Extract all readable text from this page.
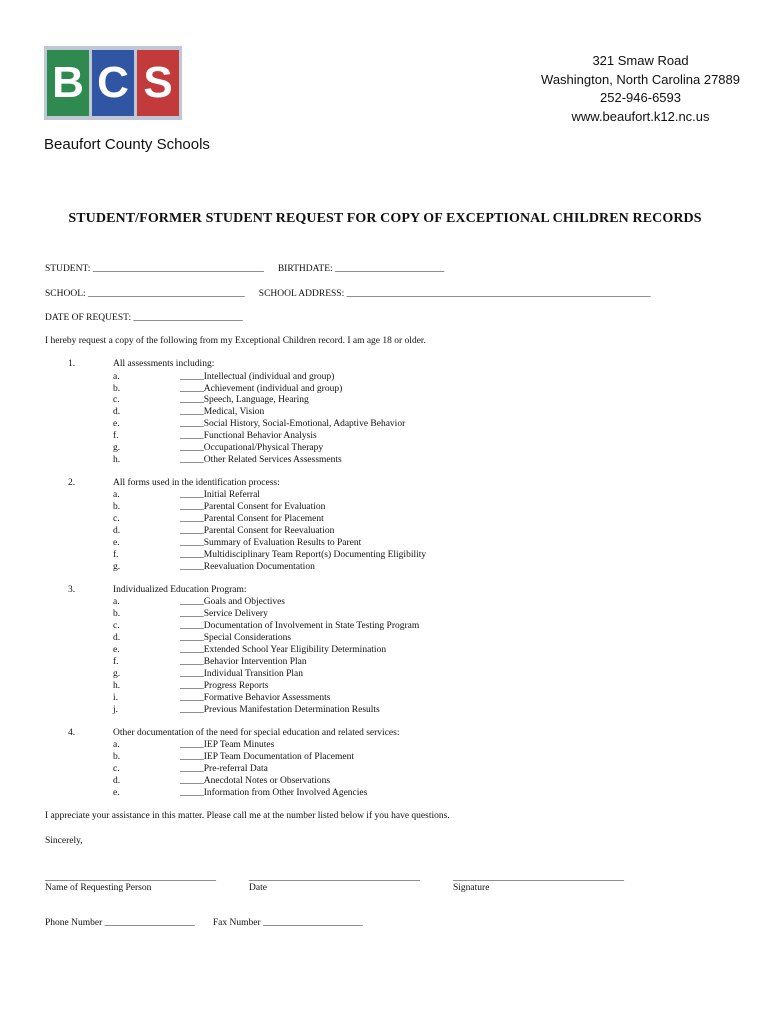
B C S
Beaufort County Schools
321 Smaw Road
Washington, North Carolina 27889
252-946-6593
www.beaufort.k12.nc.us
STUDENT/FORMER STUDENT REQUEST FOR COPY OF EXCEPTIONAL CHILDREN RECORDS
STUDENT: ____________________________________ BIRTHDATE: _______________________
SCHOOL: _________________________________ SCHOOL ADDRESS: ________________________________________________________________
DATE OF REQUEST: _______________________
I hereby request a copy of the following from my Exceptional Children record. I am age 18 or older.
1.	All assessments including:
a.	_____Intellectual (individual and group)
b.	_____Achievement (individual and group)
c.	_____Speech, Language, Hearing
d.	_____Medical, Vision
e.	_____Social History, Social-Emotional, Adaptive Behavior
f.	_____Functional Behavior Analysis
g.	_____Occupational/Physical Therapy
h.	_____Other Related Services Assessments
2.	All forms used in the identification process:
a.	_____Initial Referral
b.	_____Parental Consent for Evaluation
c.	_____Parental Consent for Placement
d.	_____Parental Consent for Reevaluation
e.	_____Summary of Evaluation Results to Parent
f.	_____Multidisciplinary Team Report(s) Documenting Eligibility
g.	_____Reevaluation Documentation
3.	Individualized Education Program:
a.	_____Goals and Objectives
b.	_____Service Delivery
c.	_____Documentation of Involvement in State Testing Program
d.	_____Special Considerations
e.	_____Extended School Year Eligibility Determination
f.	_____Behavior Intervention Plan
g.	_____Individual Transition Plan
h.	_____Progress Reports
i.	_____Formative Behavior Assessments
j.	_____Previous Manifestation Determination Results
4.	Other documentation of the need for special education and related services:
a.	_____IEP Team Minutes
b.	_____IEP Team Documentation of Placement
c.	_____Pre-referral Data
d.	_____Anecdotal Notes or Observations
e.	_____Information from Other Involved Agencies
I appreciate your assistance in this matter. Please call me at the number listed below if you have questions.
Sincerely,
____________________________________	____________________________________	____________________________________
Name of Requesting Person	Date	Signature
Phone Number ___________________ Fax Number _____________________
